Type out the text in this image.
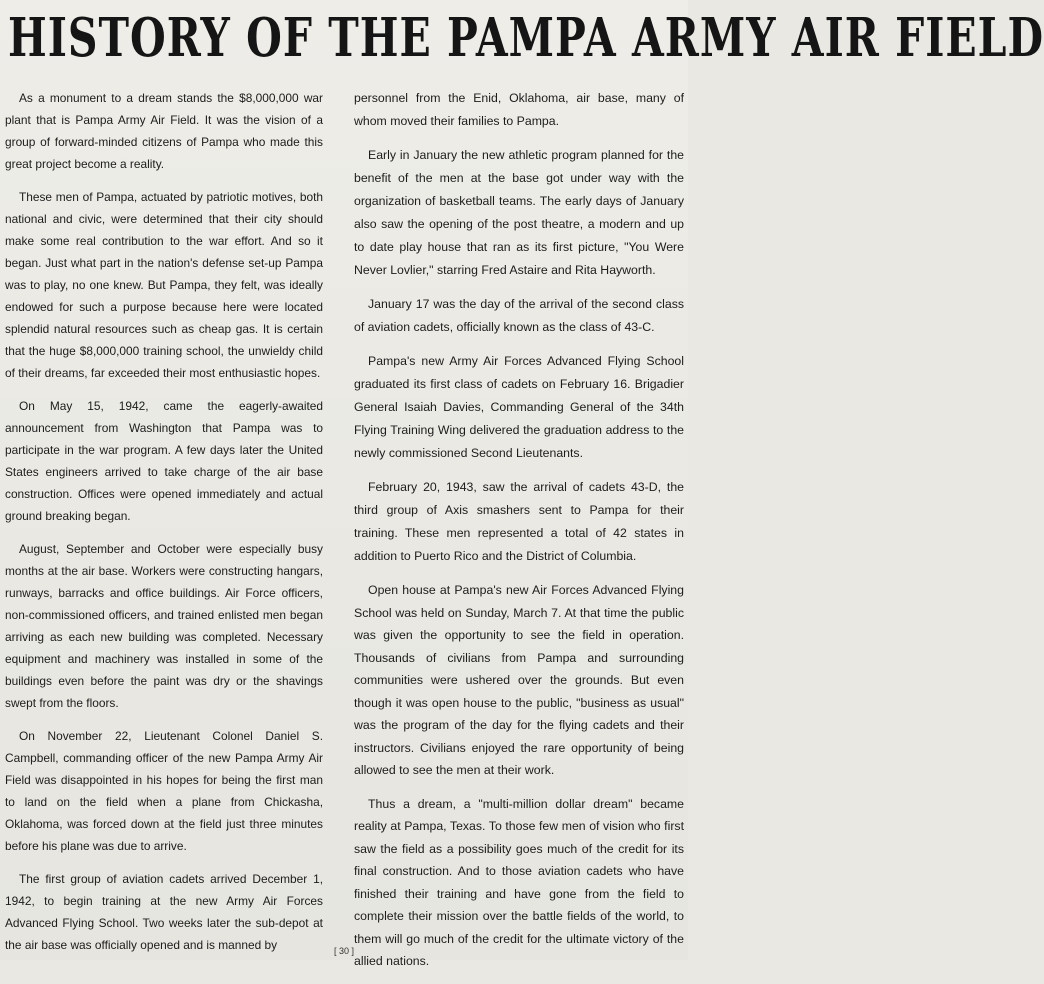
HISTORY OF THE PAMPA ARMY AIR FIELD

As a monument to a dream stands the $8,000,000 war plant that is Pampa Army Air Field. It was the vision of a group of forward-minded citizens of Pampa who made this great project become a reality.

These men of Pampa, actuated by patriotic motives, both national and civic, were determined that their city should make some real contribution to the war effort. And so it began. Just what part in the nation's defense set-up Pampa was to play, no one knew. But Pampa, they felt, was ideally endowed for such a purpose because here were located splendid natural resources such as cheap gas. It is certain that the huge $8,000,000 training school, the unwieldy child of their dreams, far exceeded their most enthusiastic hopes.

On May 15, 1942, came the eagerly-awaited announcement from Washington that Pampa was to participate in the war program. A few days later the United States engineers arrived to take charge of the air base construction. Offices were opened immediately and actual ground breaking began.

August, September and October were especially busy months at the air base. Workers were constructing hangars, runways, barracks and office buildings. Air Force officers, non-commissioned officers, and trained enlisted men began arriving as each new building was completed. Necessary equipment and machinery was installed in some of the buildings even before the paint was dry or the shavings swept from the floors.

On November 22, Lieutenant Colonel Daniel S. Campbell, commanding officer of the new Pampa Army Air Field was disappointed in his hopes for being the first man to land on the field when a plane from Chickasha, Oklahoma, was forced down at the field just three minutes before his plane was due to arrive.

The first group of aviation cadets arrived December 1, 1942, to begin training at the new Army Air Forces Advanced Flying School. Two weeks later the sub-depot at the air base was officially opened and is manned by

personnel from the Enid, Oklahoma, air base, many of whom moved their families to Pampa.

Early in January the new athletic program planned for the benefit of the men at the base got under way with the organization of basketball teams. The early days of January also saw the opening of the post theatre, a modern and up to date play house that ran as its first picture, "You Were Never Lovlier," starring Fred Astaire and Rita Hayworth.

January 17 was the day of the arrival of the second class of aviation cadets, officially known as the class of 43-C.

Pampa's new Army Air Forces Advanced Flying School graduated its first class of cadets on February 16. Brigadier General Isaiah Davies, Commanding General of the 34th Flying Training Wing delivered the graduation address to the newly commissioned Second Lieutenants.

February 20, 1943, saw the arrival of cadets 43-D, the third group of Axis smashers sent to Pampa for their training. These men represented a total of 42 states in addition to Puerto Rico and the District of Columbia.

Open house at Pampa's new Air Forces Advanced Flying School was held on Sunday, March 7. At that time the public was given the opportunity to see the field in operation. Thousands of civilians from Pampa and surrounding communities were ushered over the grounds. But even though it was open house to the public, "business as usual" was the program of the day for the flying cadets and their instructors. Civilians enjoyed the rare opportunity of being allowed to see the men at their work.

Thus a dream, a "multi-million dollar dream" became reality at Pampa, Texas. To those few men of vision who first saw the field as a possibility goes much of the credit for its final construction. And to those aviation cadets who have finished their training and have gone from the field to complete their mission over the battle fields of the world, to them will go much of the credit for the ultimate victory of the allied nations.

[ 30 ]
